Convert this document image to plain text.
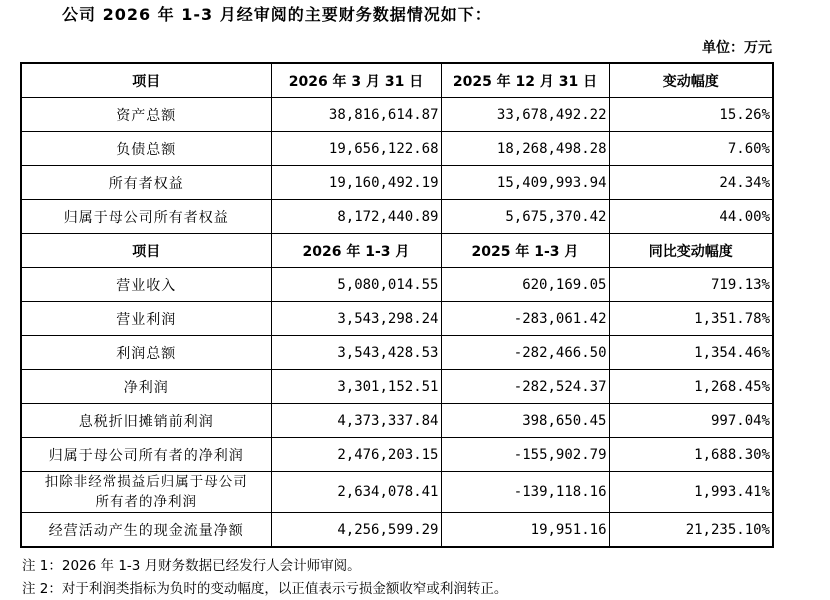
公司 2026 年 1-3 月经审阅的主要财务数据情况如下：
单位：万元
项目	2026 年 3 月 31 日	2025 年 12 月 31 日	变动幅度
资产总额	38,816,614.87	33,678,492.22	15.26%
负债总额	19,656,122.68	18,268,498.28	7.60%
所有者权益	19,160,492.19	15,409,993.94	24.34%
归属于母公司所有者权益	8,172,440.89	5,675,370.42	44.00%
项目	2026 年 1-3 月	2025 年 1-3 月	同比变动幅度
营业收入	5,080,014.55	620,169.05	719.13%
营业利润	3,543,298.24	-283,061.42	1,351.78%
利润总额	3,543,428.53	-282,466.50	1,354.46%
净利润	3,301,152.51	-282,524.37	1,268.45%
息税折旧摊销前利润	4,373,337.84	398,650.45	997.04%
归属于母公司所有者的净利润	2,476,203.15	-155,902.79	1,688.30%

扣除非经常损益后归属于母公司
所有者的净利润	2,634,078.41	-139,118.16	1,993.41%
经营活动产生的现金流量净额	4,256,599.29	19,951.16	21,235.10%
注 1：2026 年 1-3 月财务数据已经发行人会计师审阅。
注 2：对于利润类指标为负时的变动幅度，以正值表示亏损金额收窄或利润转正。
